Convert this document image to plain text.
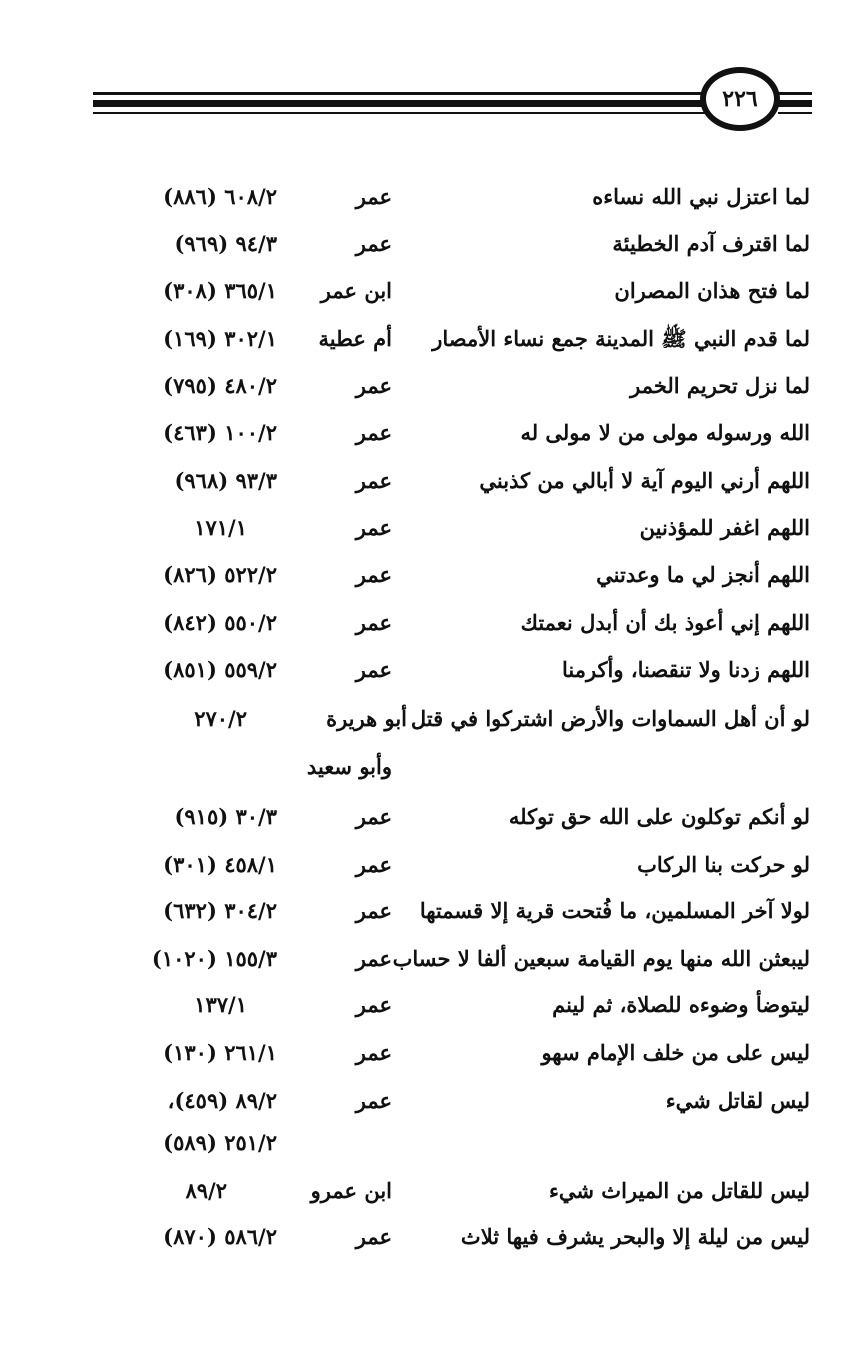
٢٢٦
لما اعتزل نبي الله نساءه
عمر
٦٠٨/٢ (٨٨٦)
لما اقترف آدم الخطيئة
عمر
٩٤/٣ (٩٦٩)
لما فتح هذان المصران
ابن عمر
٣٦٥/١ (٣٠٨)
لما قدم النبي ﷺ المدينة جمع نساء الأمصار
أم عطية
٣٠٢/١ (١٦٩)
لما نزل تحريم الخمر
عمر
٤٨٠/٢ (٧٩٥)
الله ورسوله مولى من لا مولى له
عمر
١٠٠/٢ (٤٦٣)
اللهم أرني اليوم آية لا أبالي من كذبني
عمر
٩٣/٣ (٩٦٨)
اللهم اغفر للمؤذنين
عمر
١٧١/١
اللهم أنجز لي ما وعدتني
عمر
٥٢٢/٢ (٨٢٦)
اللهم إني أعوذ بك أن أبدل نعمتك
عمر
٥٥٠/٢ (٨٤٢)
اللهم زدنا ولا تنقصنا، وأكرمنا
عمر
٥٥٩/٢ (٨٥١)
لو أن أهل السماوات والأرض اشتركوا في قتل
أبو هريرة
٢٧٠/٢
وأبو سعيد
لو أنكم توكلون على الله حق توكله
عمر
٣٠/٣ (٩١٥)
لو حركت بنا الركاب
عمر
٤٥٨/١ (٣٠١)
لولا آخر المسلمين، ما فُتحت قرية إلا قسمتها
عمر
٣٠٤/٢ (٦٣٢)
ليبعثن الله منها يوم القيامة سبعين ألفا لا حساب
عمر
١٥٥/٣ (١٠٢٠)
ليتوضأ وضوءه للصلاة، ثم لينم
عمر
١٣٧/١
ليس على من خلف الإمام سهو
عمر
٢٦١/١ (١٣٠)
ليس لقاتل شيء
عمر
٨٩/٢ (٤٥٩)،
٢٥١/٢ (٥٨٩)
ليس للقاتل من الميراث شيء
ابن عمرو
٨٩/٢
ليس من ليلة إلا والبحر يشرف فيها ثلاث
عمر
٥٨٦/٢ (٨٧٠)
